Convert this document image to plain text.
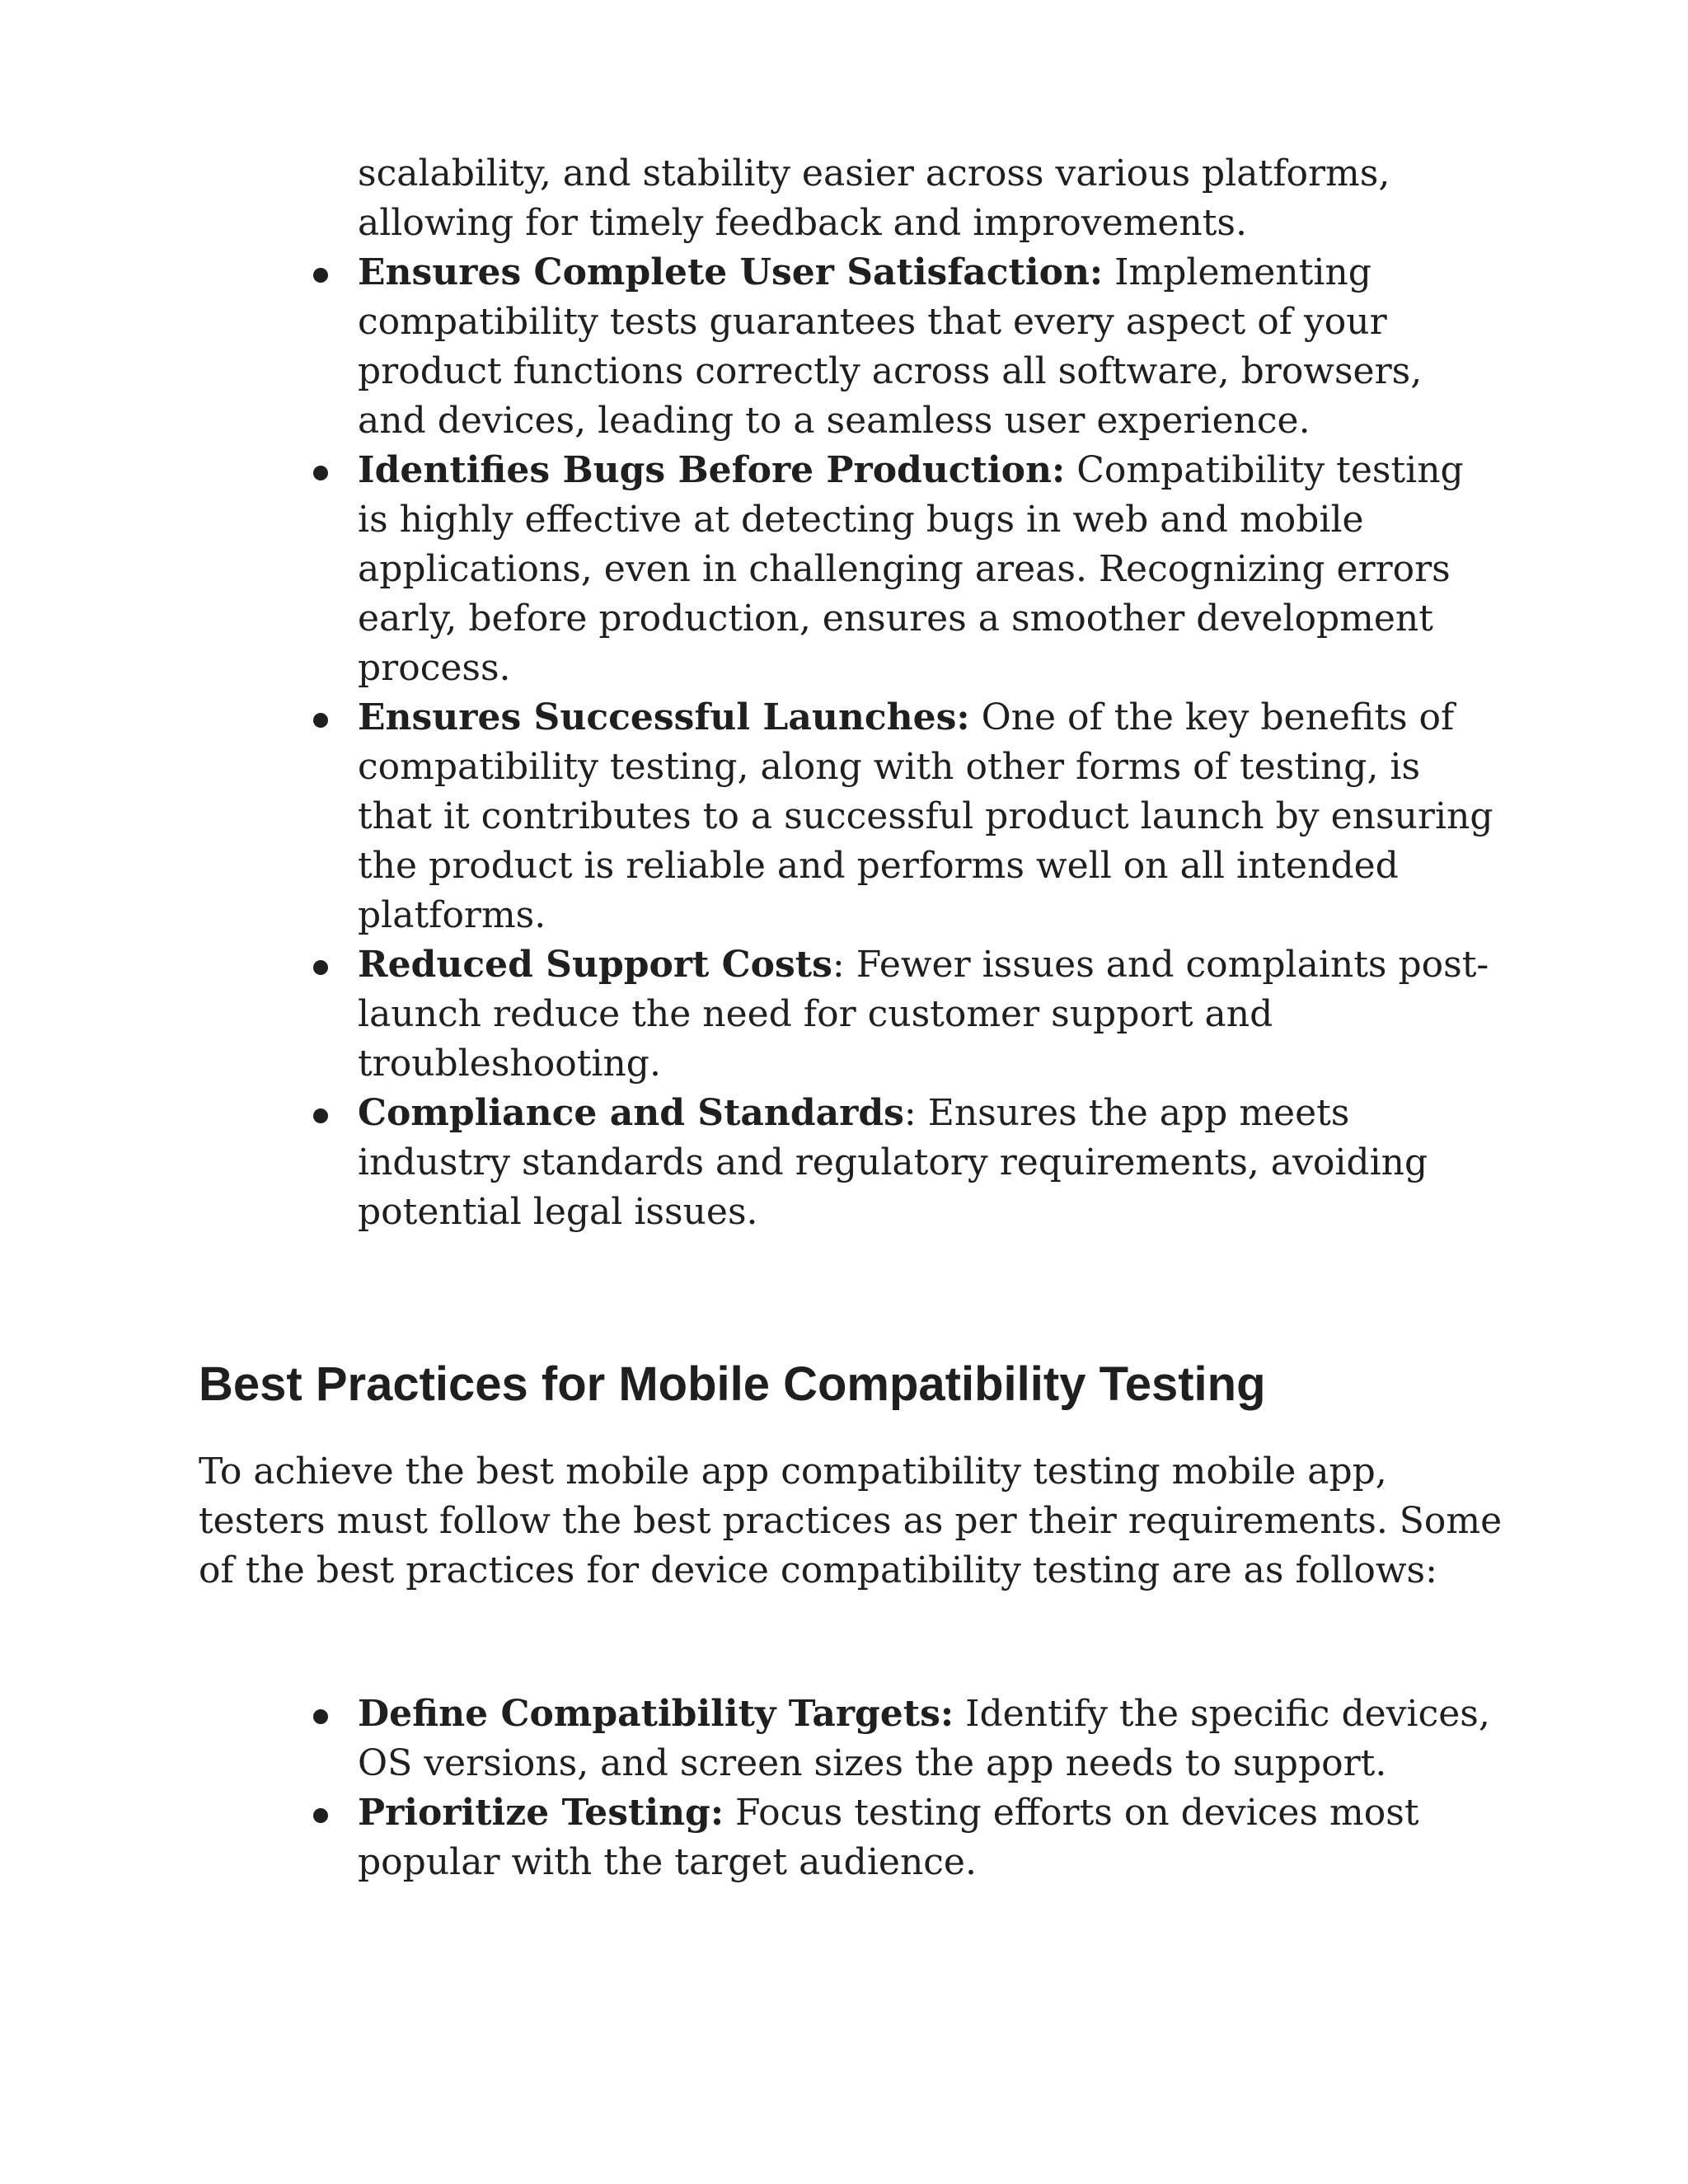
scalability, and stability easier across various platforms, allowing for timely feedback and improvements.
Ensures Complete User Satisfaction: Implementing compatibility tests guarantees that every aspect of your product functions correctly across all software, browsers, and devices, leading to a seamless user experience.
Identifies Bugs Before Production: Compatibility testing is highly effective at detecting bugs in web and mobile applications, even in challenging areas. Recognizing errors early, before production, ensures a smoother development process.
Ensures Successful Launches: One of the key benefits of compatibility testing, along with other forms of testing, is that it contributes to a successful product launch by ensuring the product is reliable and performs well on all intended platforms.
Reduced Support Costs: Fewer issues and complaints post-launch reduce the need for customer support and troubleshooting.
Compliance and Standards: Ensures the app meets industry standards and regulatory requirements, avoiding potential legal issues.
Best Practices for Mobile Compatibility Testing

To achieve the best mobile app compatibility testing mobile app, testers must follow the best practices as per their requirements. Some of the best practices for device compatibility testing are as follows:

Define Compatibility Targets: Identify the specific devices, OS versions, and screen sizes the app needs to support.
Prioritize Testing: Focus testing efforts on devices most popular with the target audience.
